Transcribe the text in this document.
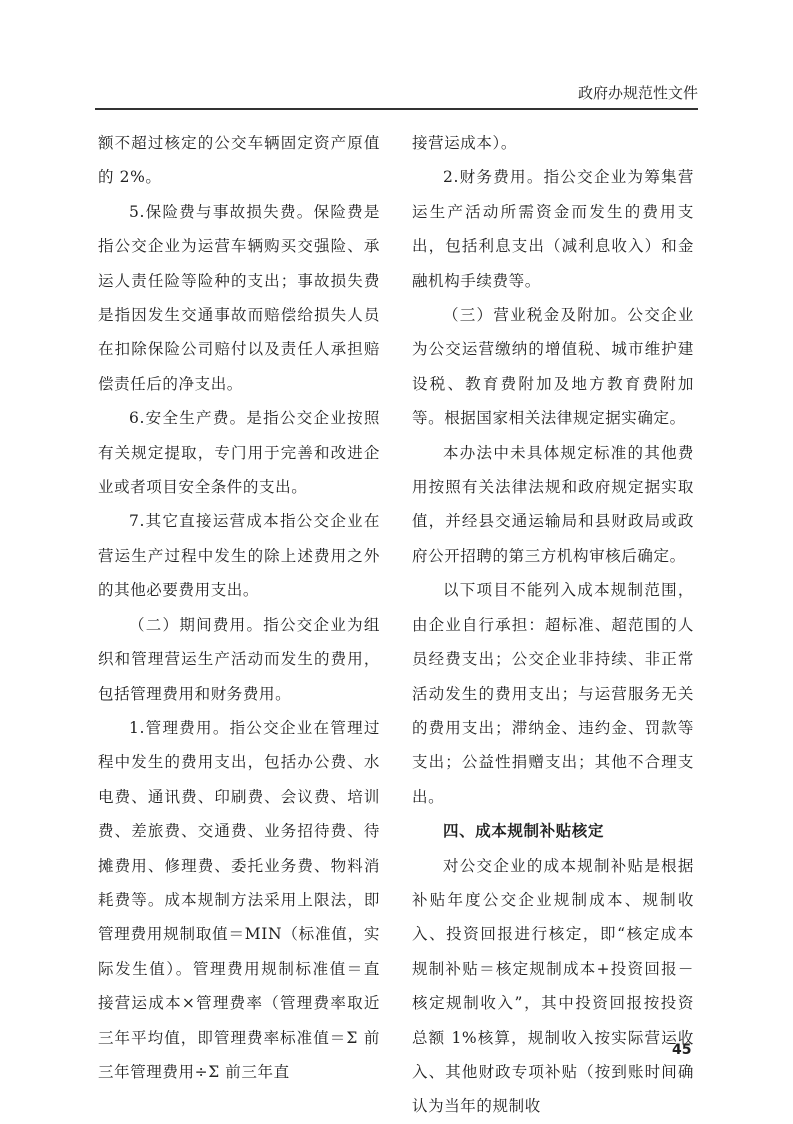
政府办规范性文件

额不超过核定的公交车辆固定资产原值的 2%。

5.保险费与事故损失费。保险费是指公交企业为运营车辆购买交强险、承运人责任险等险种的支出；事故损失费是指因发生交通事故而赔偿给损失人员在扣除保险公司赔付以及责任人承担赔偿责任后的净支出。

6.安全生产费。是指公交企业按照有关规定提取，专门用于完善和改进企业或者项目安全条件的支出。

7.其它直接运营成本指公交企业在营运生产过程中发生的除上述费用之外的其他必要费用支出。

（二）期间费用。指公交企业为组织和管理营运生产活动而发生的费用，包括管理费用和财务费用。

1.管理费用。指公交企业在管理过程中发生的费用支出，包括办公费、水电费、通讯费、印刷费、会议费、培训费、差旅费、交通费、业务招待费、待摊费用、修理费、委托业务费、物料消耗费等。成本规制方法采用上限法，即管理费用规制取值＝MIN（标准值，实际发生值）。管理费用规制标准值＝直接营运成本×管理费率（管理费率取近三年平均值，即管理费率标准值＝Σ 前三年管理费用÷Σ 前三年直

接营运成本）。

2.财务费用。指公交企业为筹集营运生产活动所需资金而发生的费用支出，包括利息支出（减利息收入）和金融机构手续费等。

（三）营业税金及附加。公交企业为公交运营缴纳的增值税、城市维护建设税、教育费附加及地方教育费附加等。根据国家相关法律规定据实确定。

本办法中未具体规定标准的其他费用按照有关法律法规和政府规定据实取值，并经县交通运输局和县财政局或政府公开招聘的第三方机构审核后确定。

以下项目不能列入成本规制范围，由企业自行承担：超标准、超范围的人员经费支出；公交企业非持续、非正常活动发生的费用支出；与运营服务无关的费用支出；滞纳金、违约金、罚款等支出；公益性捐赠支出；其他不合理支出。

四、成本规制补贴核定

对公交企业的成本规制补贴是根据补贴年度公交企业规制成本、规制收入、投资回报进行核定，即“核定成本规制补贴＝核定规制成本+投资回报－核定规制收入”，其中投资回报按投资总额 1%核算，规制收入按实际营运收入、其他财政专项补贴（按到账时间确认为当年的规制收

45
